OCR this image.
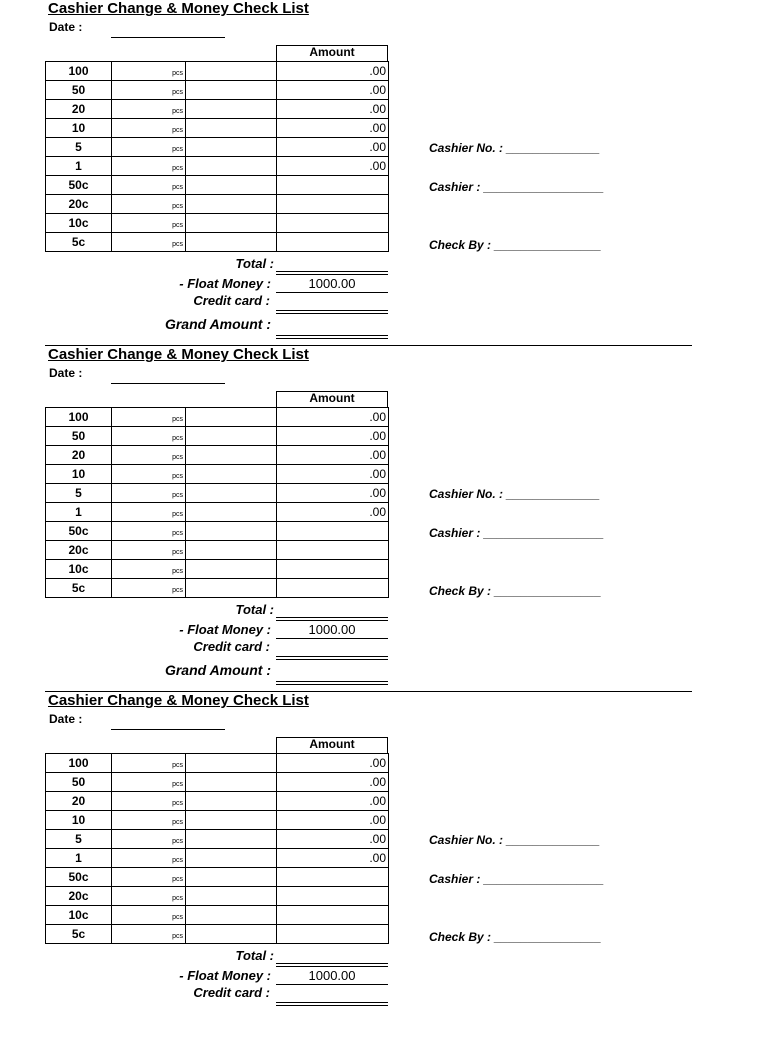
Cashier Change & Money Check List
Date :
Amount
100	pcs		.00
50	pcs		.00
20	pcs		.00
10	pcs		.00
5	pcs		.00
1	pcs		.00
50c	pcs		
20c	pcs		
10c	pcs		
5c	pcs		
Total :
- Float Money :	1000.00
Credit card :
Grand Amount :
Cashier No. : ______________
Cashier : __________________
Check By : ________________
Cashier Change & Money Check List
Date :
Amount
100	pcs		.00
50	pcs		.00
20	pcs		.00
10	pcs		.00
5	pcs		.00
1	pcs		.00
50c	pcs		
20c	pcs		
10c	pcs		
5c	pcs		
Total :
- Float Money :	1000.00
Credit card :
Grand Amount :
Cashier No. : ______________
Cashier : __________________
Check By : ________________
Cashier Change & Money Check List
Date :
Amount
100	pcs		.00
50	pcs		.00
20	pcs		.00
10	pcs		.00
5	pcs		.00
1	pcs		.00
50c	pcs		
20c	pcs		
10c	pcs		
5c	pcs		
Total :
- Float Money :	1000.00
Credit card :
Cashier No. : ______________
Cashier : __________________
Check By : ________________
